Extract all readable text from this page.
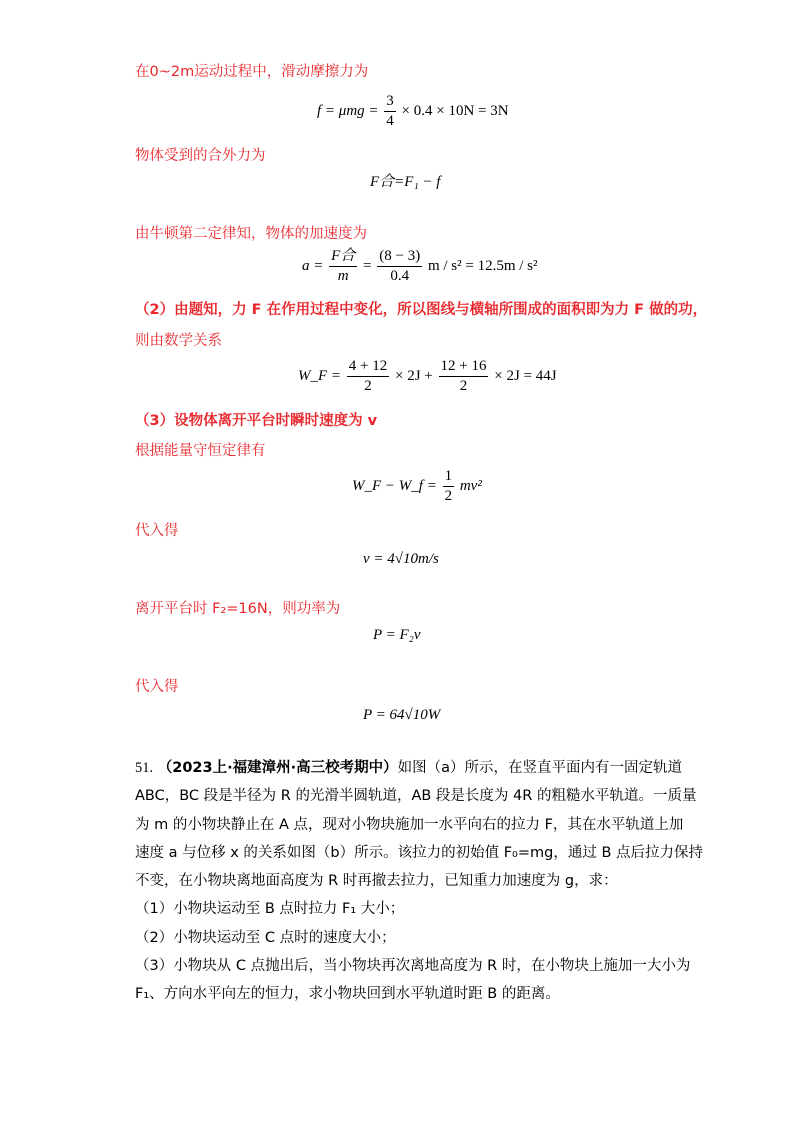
在0~2m运动过程中，滑动摩擦力为
$f = \mu mg = \frac{3}{4} \times 0.4 \times 10N = 3N$
物体受到的合外力为
F合=F₁ − f
由牛顿第二定律知，物体的加速度为
$a = \frac{\text{F合}}{m} = \frac{(8 - 3)}{0.4}$ m / s² = 12.5m / s²
（2）由题知，力 F 在作用过程中变化，所以图线与横轴所围成的面积即为力 F 做的功，
则由数学关系
W_F = $\frac{4 + 12}{2} \times 2J + \frac{12 + 16}{2} \times 2J = 44J$
（3）设物体离开平台时瞬时速度为 v
根据能量守恒定律有
W_F − W_f = $\frac{1}{2} mv^2$
代入得
v = 4√10m/s
离开平台时 F₂=16N，则功率为
P = F₂v
代入得
P = 64√10W
51. （2023上·福建漳州·高三校考期中）如图（a）所示，在竖直平面内有一固定轨道
ABC，BC 段是半径为 R 的光滑半圆轨道，AB 段是长度为 4R 的粗糙水平轨道。一质量
为 m 的小物块静止在 A 点，现对小物块施加一水平向右的拉力 F，其在水平轨道上加
速度 a 与位移 x 的关系如图（b）所示。该拉力的初始值 F₀=mg，通过 B 点后拉力保持
不变，在小物块离地面高度为 R 时再撤去拉力，已知重力加速度为 g，求：
（1）小物块运动至 B 点时拉力 F₁ 大小；
（2）小物块运动至 C 点时的速度大小；
（3）小物块从 C 点抛出后，当小物块再次离地高度为 R 时，在小物块上施加一大小为
F₁、方向水平向左的恒力，求小物块回到水平轨道时距 B 的距离。
